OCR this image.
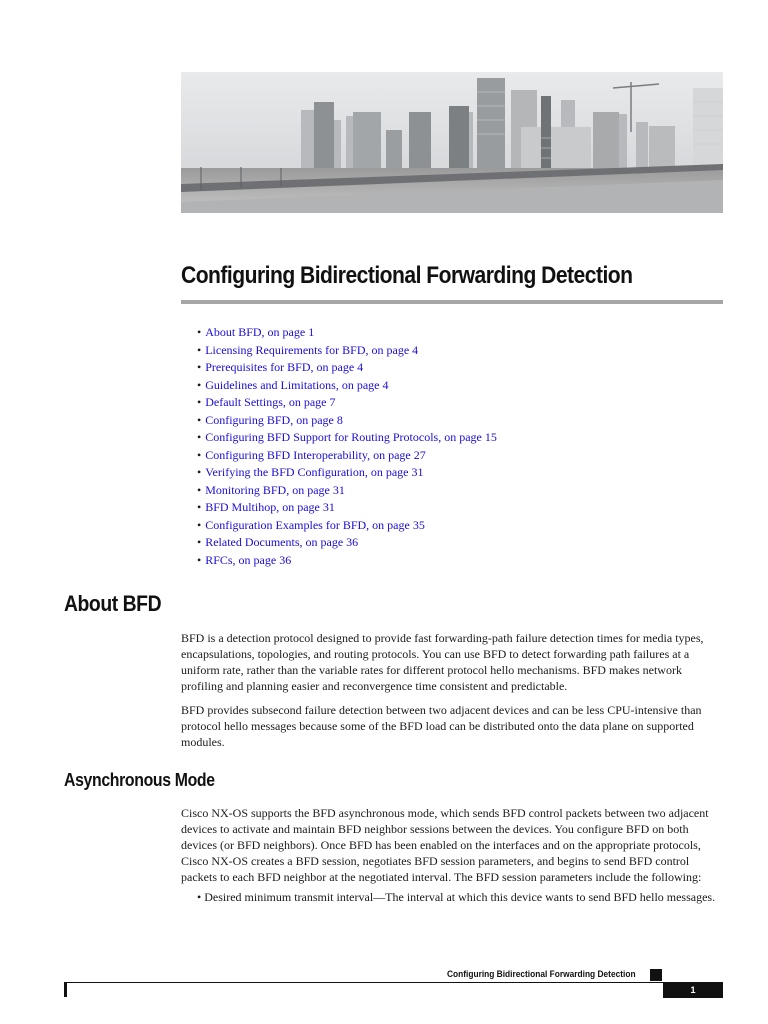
Configuring Bidirectional Forwarding Detection
• About BFD, on page 1
• Licensing Requirements for BFD, on page 4
• Prerequisites for BFD, on page 4
• Guidelines and Limitations, on page 4
• Default Settings, on page 7
• Configuring BFD, on page 8
• Configuring BFD Support for Routing Protocols, on page 15
• Configuring BFD Interoperability, on page 27
• Verifying the BFD Configuration, on page 31
• Monitoring BFD, on page 31
• BFD Multihop, on page 31
• Configuration Examples for BFD, on page 35
• Related Documents, on page 36
• RFCs, on page 36
About BFD

BFD is a detection protocol designed to provide fast forwarding-path failure detection times for media types, encapsulations, topologies, and routing protocols. You can use BFD to detect forwarding path failures at a uniform rate, rather than the variable rates for different protocol hello mechanisms. BFD makes network profiling and planning easier and reconvergence time consistent and predictable.

BFD provides subsecond failure detection between two adjacent devices and can be less CPU-intensive than protocol hello messages because some of the BFD load can be distributed onto the data plane on supported modules.

Asynchronous Mode

Cisco NX-OS supports the BFD asynchronous mode, which sends BFD control packets between two adjacent devices to activate and maintain BFD neighbor sessions between the devices. You configure BFD on both devices (or BFD neighbors). Once BFD has been enabled on the interfaces and on the appropriate protocols, Cisco NX-OS creates a BFD session, negotiates BFD session parameters, and begins to send BFD control packets to each BFD neighbor at the negotiated interval. The BFD session parameters include the following:

• Desired minimum transmit interval—The interval at which this device wants to send BFD hello messages.
Configuring Bidirectional Forwarding Detection
1
